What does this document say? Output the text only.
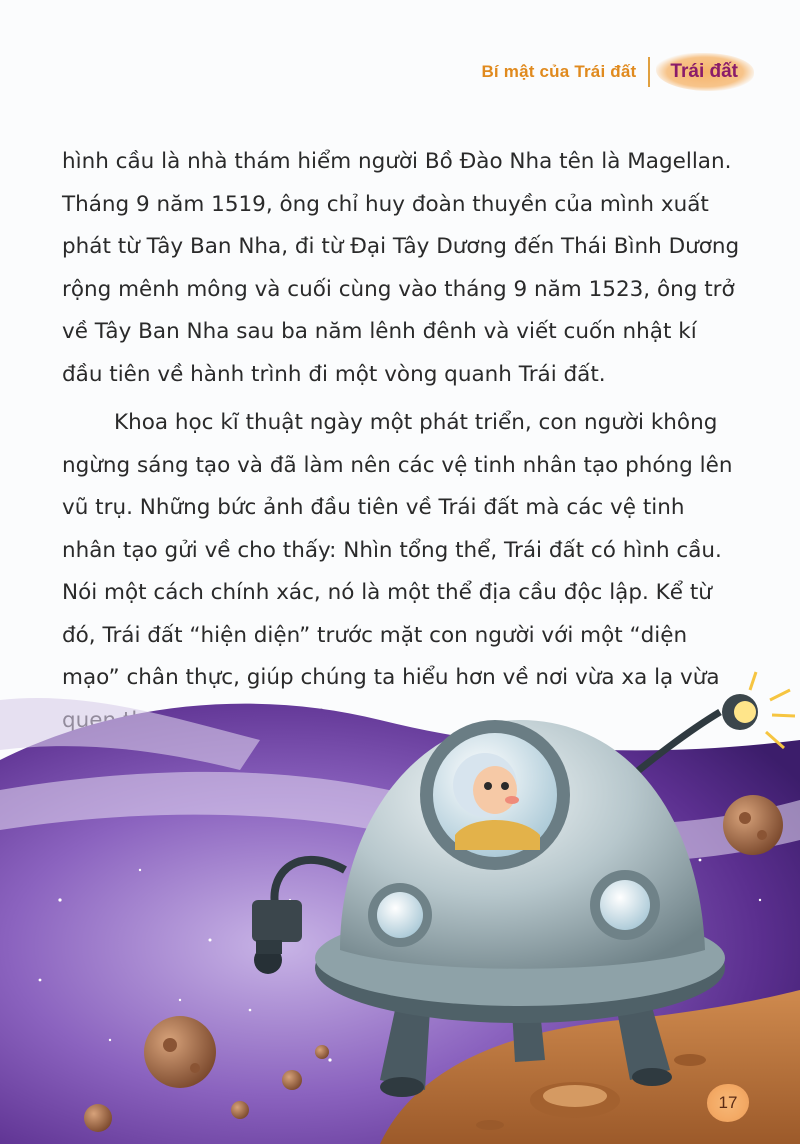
Bí mật của Trái đất	Trái đất

hình cầu là nhà thám hiểm người Bồ Đào Nha tên là Magellan. Tháng 9 năm 1519, ông chỉ huy đoàn thuyền của mình xuất phát từ Tây Ban Nha, đi từ Đại Tây Dương đến Thái Bình Dương rộng mênh mông và cuối cùng vào tháng 9 năm 1523, ông trở về Tây Ban Nha sau ba năm lênh đênh và viết cuốn nhật kí đầu tiên về hành trình đi một vòng quanh Trái đất.

Khoa học kĩ thuật ngày một phát triển, con người không ngừng sáng tạo và đã làm nên các vệ tinh nhân tạo phóng lên vũ trụ. Những bức ảnh đầu tiên về Trái đất mà các vệ tinh nhân tạo gửi về cho thấy: Nhìn tổng thể, Trái đất có hình cầu. Nói một cách chính xác, nó là một thể địa cầu độc lập. Kể từ đó, Trái đất “hiện diện” trước mặt con người với một “diện mạo” chân thực, giúp chúng ta hiểu hơn về nơi vừa xa lạ vừa

17
